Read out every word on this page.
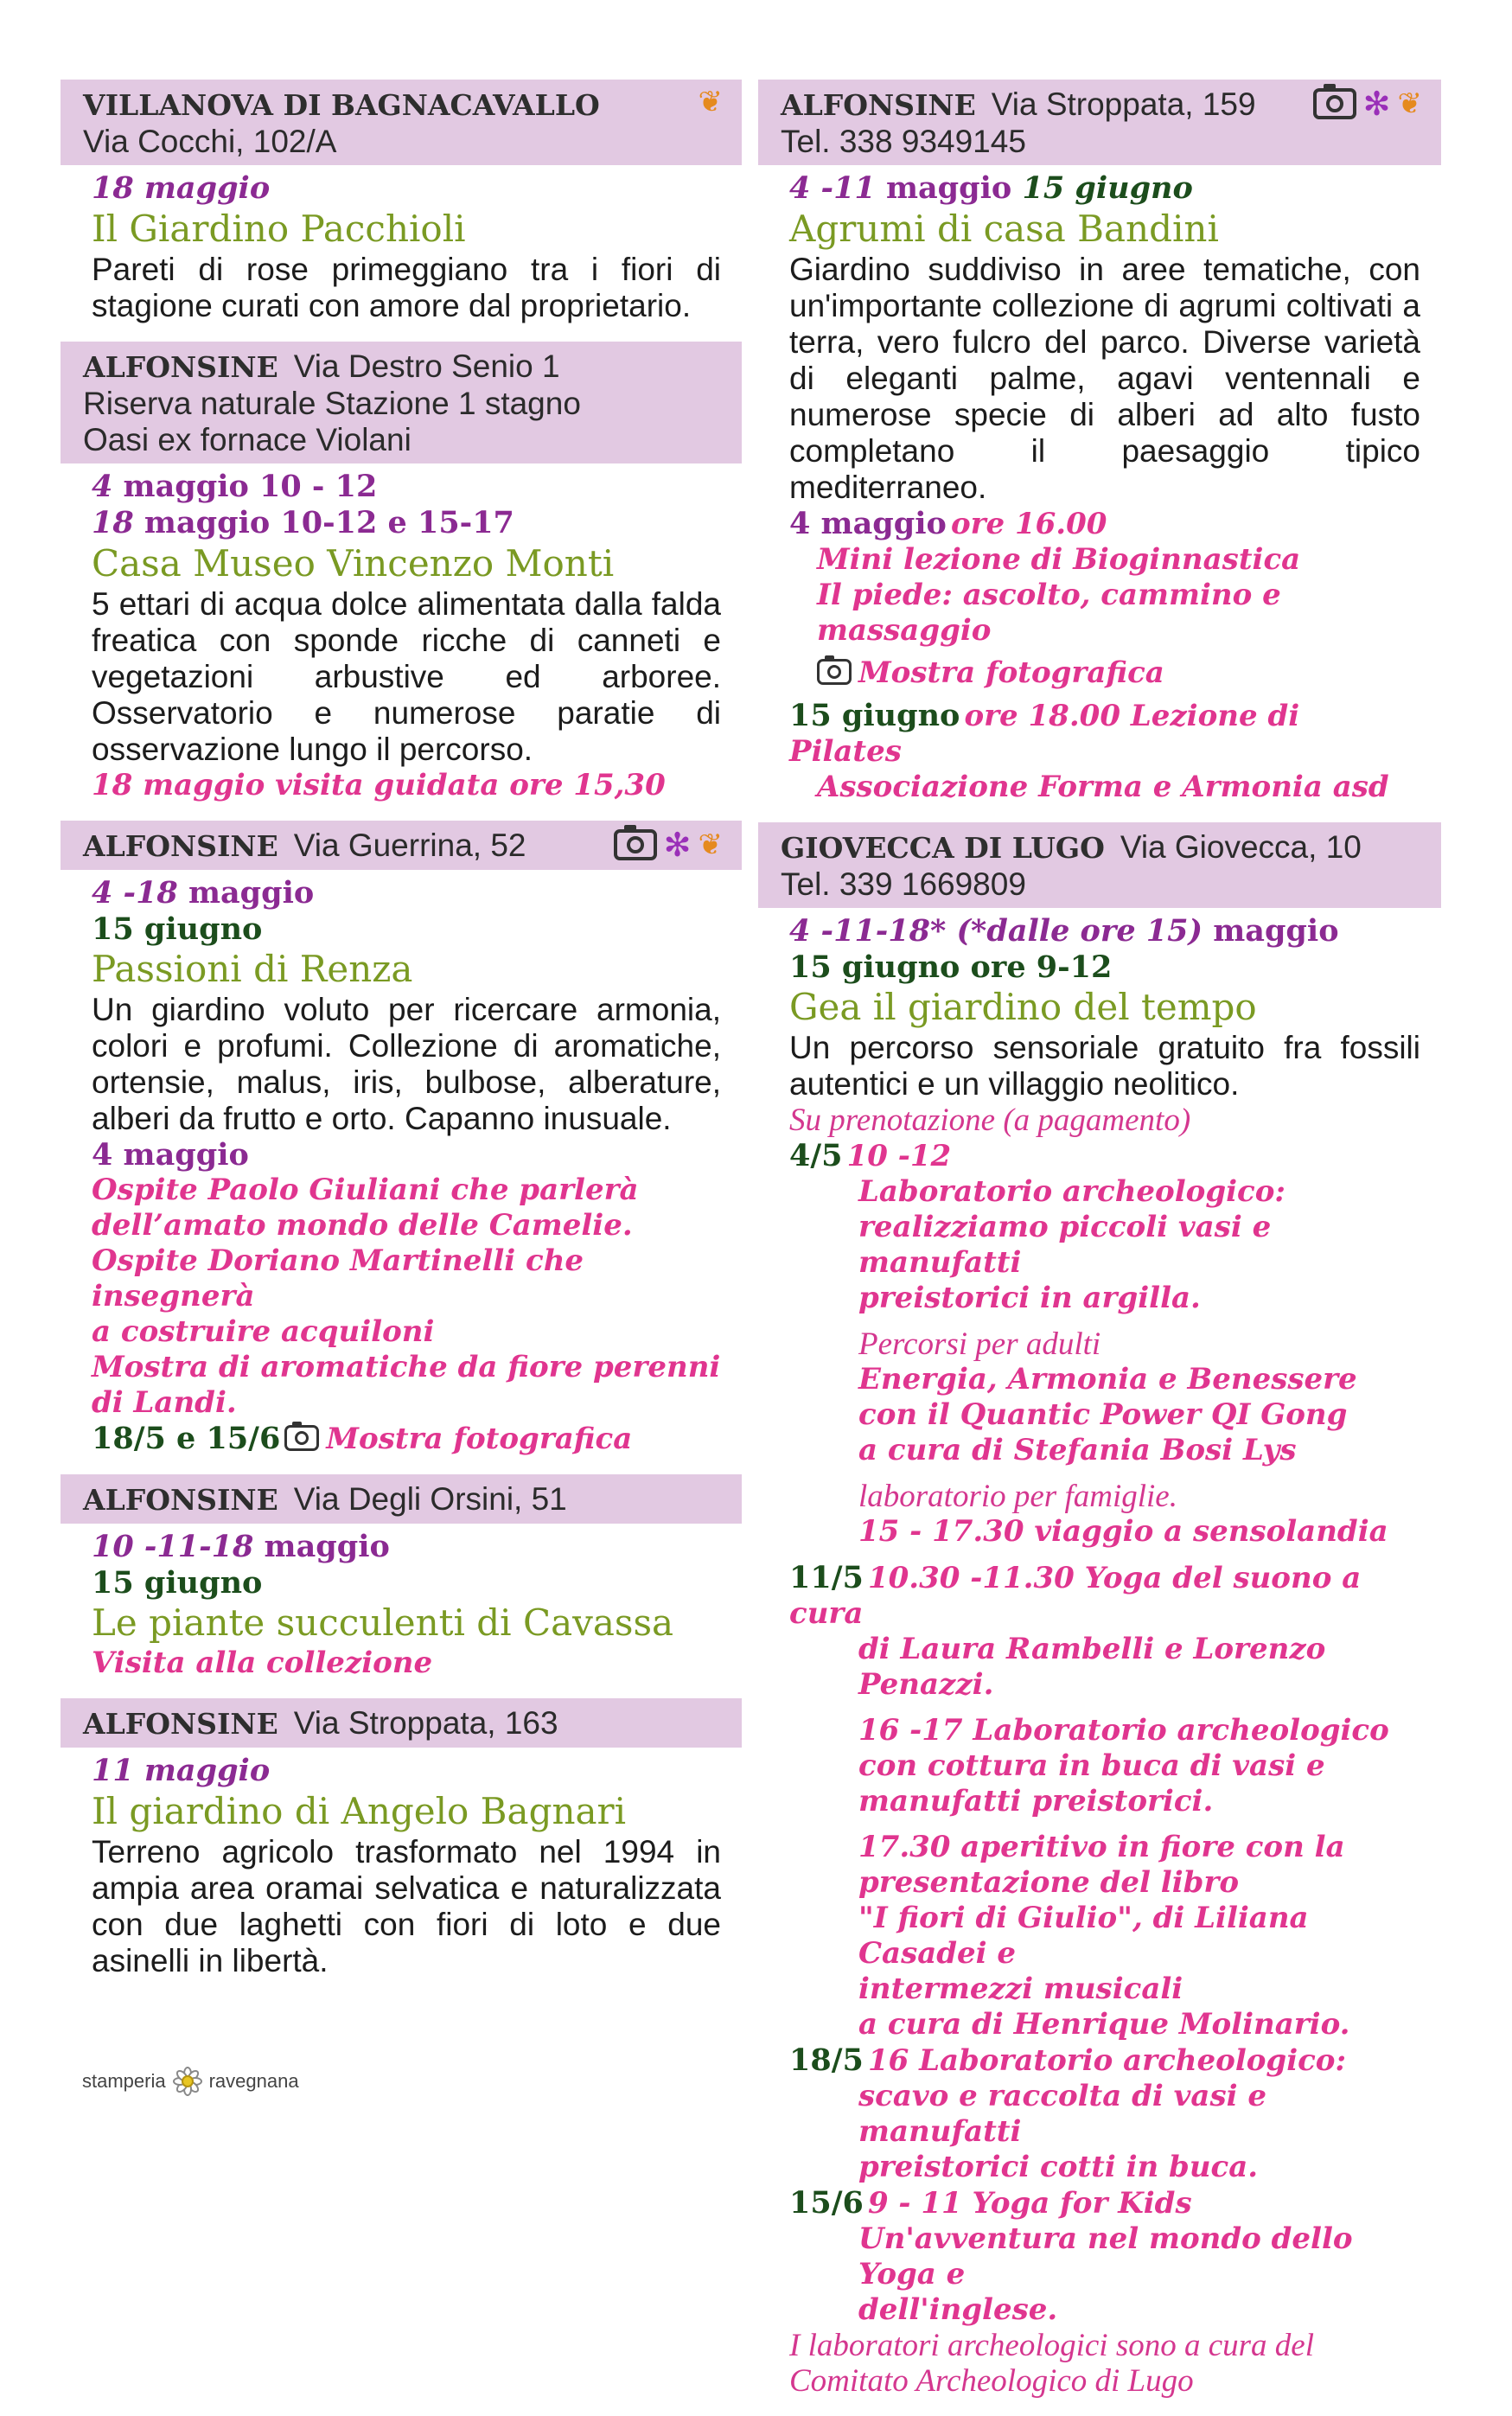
VILLANOVA DI BAGNACAVALLO
Via Cocchi, 102/A
❦
18 maggio
Il Giardino Pacchioli
Pareti di rose primeggiano tra i fiori di stagione curati con amore dal proprietario.
ALFONSINE Via Destro Senio 1
Riserva naturale Stazione 1 stagno
Oasi ex fornace Violani
4 maggio 10 - 12
18 maggio 10-12 e 15-17
Casa Museo Vincenzo Monti
5 ettari di acqua dolce alimentata dalla falda freatica con sponde ricche di canneti e vegetazioni arbustive ed arboree. Osservatorio e numerose paratie di osservazione lungo il percorso.
18 maggio visita guidata ore 15,30
ALFONSINE Via Guerrina, 52	✻ ❦
4 -18 maggio
15 giugno
Passioni di Renza
Un giardino voluto per ricercare armonia, colori e profumi. Collezione di aromatiche, ortensie, malus, iris, bulbose, alberature, alberi da frutto e orto. Capanno inusuale.
4 maggio
Ospite Paolo Giuliani che parlerà
dell’amato mondo delle Camelie.
Ospite Doriano Martinelli che insegnerà
a costruire acquiloni
Mostra di aromatiche da fiore perenni
di Landi.
18/5 e 15/6 Mostra fotografica
ALFONSINE Via Degli Orsini, 51
10 -11-18 maggio
15 giugno
Le piante succulenti di Cavassa
Visita alla collezione
ALFONSINE Via Stroppata, 163
11 maggio
Il giardino di Angelo Bagnari
Terreno agricolo trasformato nel 1994 in ampia area oramai selvatica e naturalizzata con due laghetti con fiori di loto e due asinelli in libertà.
ALFONSINE Via Stroppata, 159
Tel. 338 9349145
✻ ❦
4 -11 maggio 15 giugno
Agrumi di casa Bandini
Giardino suddiviso in aree tematiche, con un'importante collezione di agrumi coltivati a terra, vero fulcro del parco. Diverse varietà di eleganti palme, agavi ventennali e numerose specie di alberi ad alto fusto completano il paesaggio tipico mediterraneo.
4 maggio ore 16.00
Mini lezione di Bioginnastica
Il piede: ascolto, cammino e massaggio
Mostra fotografica
15 giugno ore 18.00 Lezione di Pilates
Associazione Forma e Armonia asd
GIOVECCA DI LUGO Via Giovecca, 10
Tel. 339 1669809
4 -11-18* (*dalle ore 15) maggio
15 giugno ore 9-12
Gea il giardino del tempo
Un percorso sensoriale gratuito fra fossili autentici e un villaggio neolitico.
Su prenotazione (a pagamento)
4/5 10 -12
Laboratorio archeologico:
realizziamo piccoli vasi e manufatti
preistorici in argilla.
Percorsi per adulti
Energia, Armonia e Benessere
con il Quantic Power QI Gong
a cura di Stefania Bosi Lys
laboratorio per famiglie.
15 - 17.30 viaggio a sensolandia
11/5 10.30 -11.30 Yoga del suono a cura
di Laura Rambelli e Lorenzo Penazzi.
16 -17 Laboratorio archeologico
con cottura in buca di vasi e
manufatti preistorici.
17.30 aperitivo in fiore con la
presentazione del libro
"I fiori di Giulio", di Liliana Casadei e
intermezzi musicali
a cura di Henrique Molinario.
18/5 16 Laboratorio archeologico:
scavo e raccolta di vasi e manufatti
preistorici cotti in buca.
15/6 9 - 11 Yoga for Kids
Un'avventura nel mondo dello Yoga e
dell'inglese.
I laboratori archeologici sono a cura del
Comitato Archeologico di Lugo
stamperia ravegnana
